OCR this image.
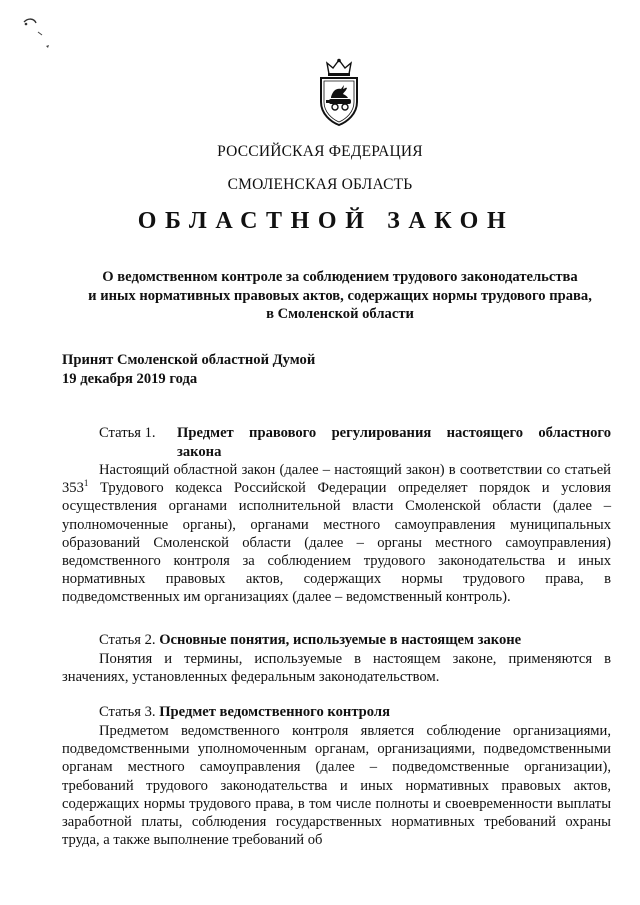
РОССИЙСКАЯ ФЕДЕРАЦИЯ
СМОЛЕНСКАЯ ОБЛАСТЬ
ОБЛАСТНОЙ ЗАКОН
О ведомственном контроле за соблюдением трудового законодательства
и иных нормативных правовых актов, содержащих нормы трудового права,
в Смоленской области
Принят Смоленской областной Думой
19 декабря 2019 года
Статья 1.	Предмет правового регулирования настоящего областного
закона
Настоящий областной закон (далее – настоящий закон) в соответствии со статьей $353^1$ Трудового кодекса Российской Федерации определяет порядок и условия осуществления органами исполнительной власти Смоленской области (далее – уполномоченные органы), органами местного самоуправления муниципальных образований Смоленской области (далее – органы местного самоуправления) ведомственного контроля за соблюдением трудового законодательства и иных нормативных правовых актов, содержащих нормы трудового права, в подведомственных им организациях (далее – ведомственный контроль).
Статья 2. Основные понятия, используемые в настоящем законе
Понятия и термины, используемые в настоящем законе, применяются в значениях, установленных федеральным законодательством.
Статья 3. Предмет ведомственного контроля
Предметом ведомственного контроля является соблюдение организациями, подведомственными уполномоченным органам, организациями, подведомственными органам местного самоуправления (далее – подведомственные организации), требований трудового законодательства и иных нормативных правовых актов, содержащих нормы трудового права, в том числе полноты и своевременности выплаты заработной платы, соблюдения государственных нормативных требований охраны труда, а также выполнение требований об
